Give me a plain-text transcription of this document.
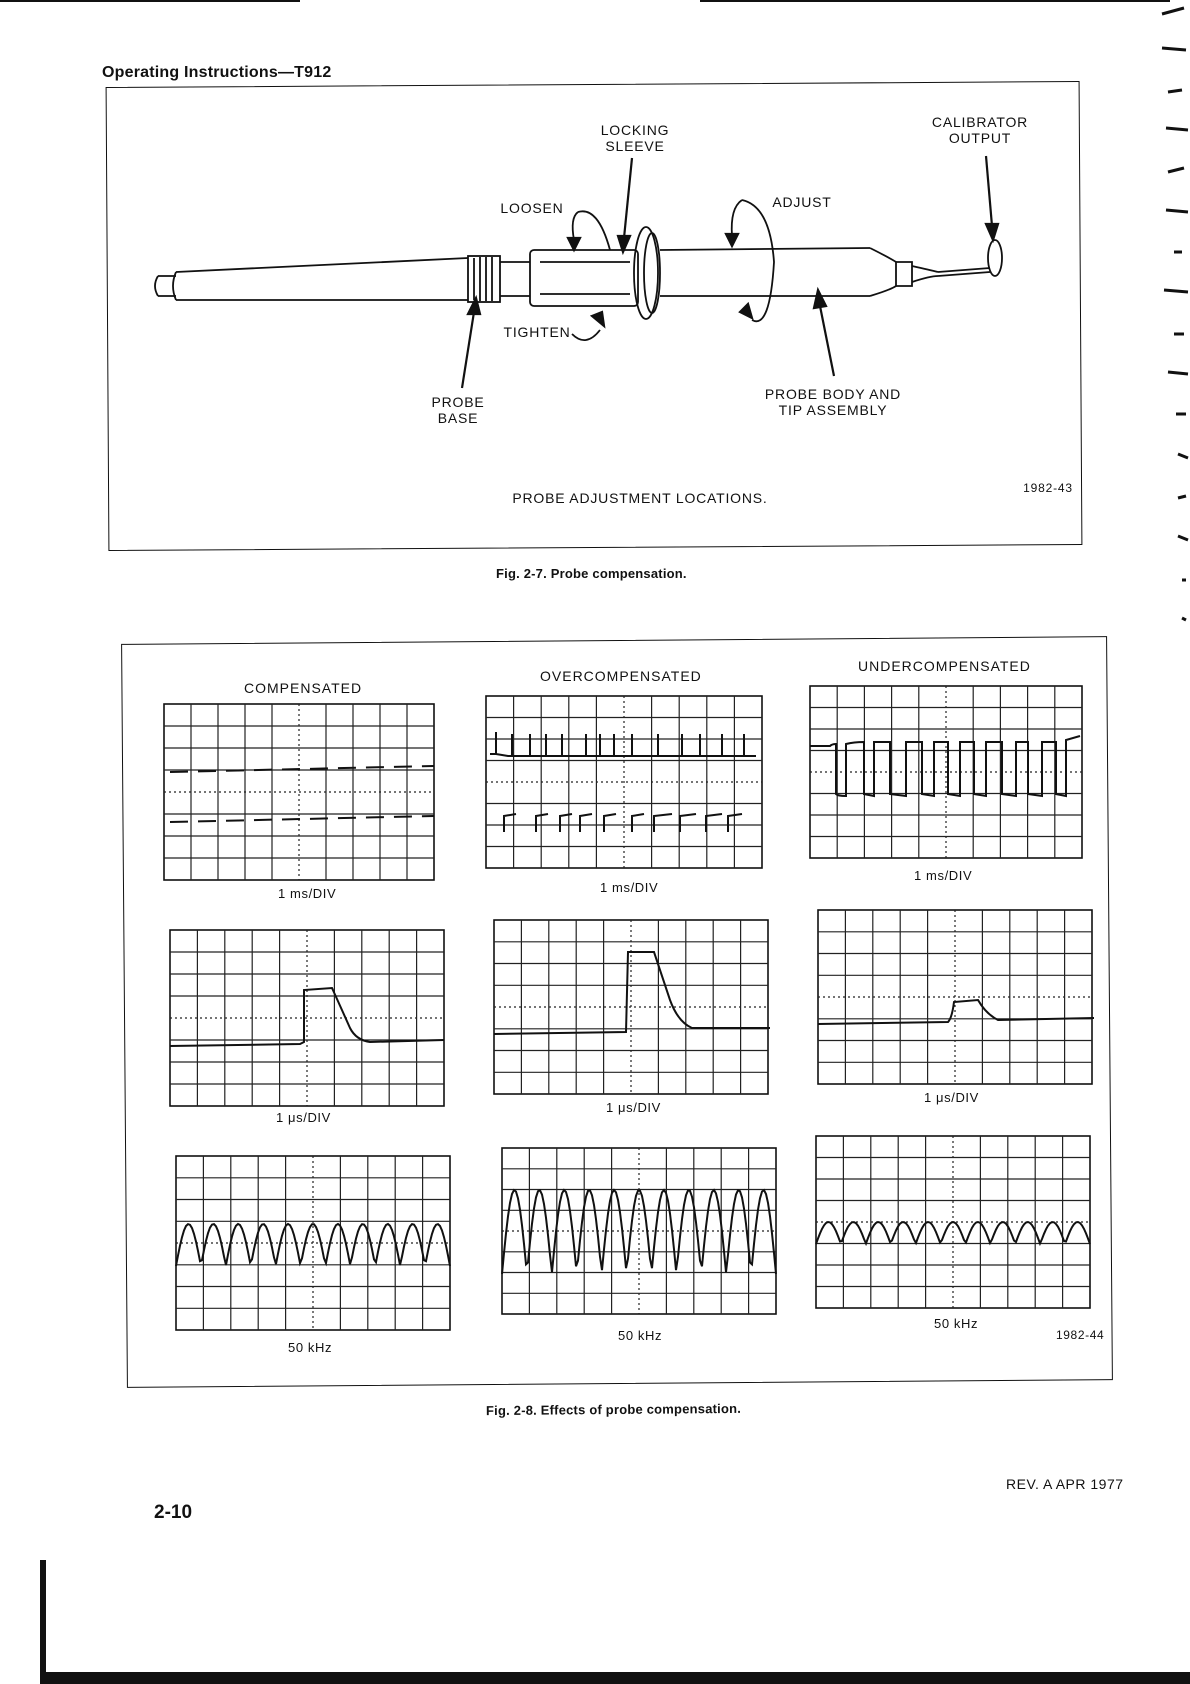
Operating Instructions—T912
LOCKING
SLEEVE
CALIBRATOR
OUTPUT
LOOSEN	ADJUST
TIGHTEN
PROBE
BASE
PROBE BODY AND
TIP ASSEMBLY
PROBE ADJUSTMENT LOCATIONS.
1982-43
Fig. 2-7. Probe compensation.
COMPENSATED
OVERCOMPENSATED
UNDERCOMPENSATED
1 ms/DIV	1 ms/DIV
1 ms/DIV
1 μs/DIV
1 μs/DIV
1 μs/DIV
50 kHz
50 kHz
50 kHz
1982-44
Fig. 2-8. Effects of probe compensation.
REV. A APR 1977
2-10
